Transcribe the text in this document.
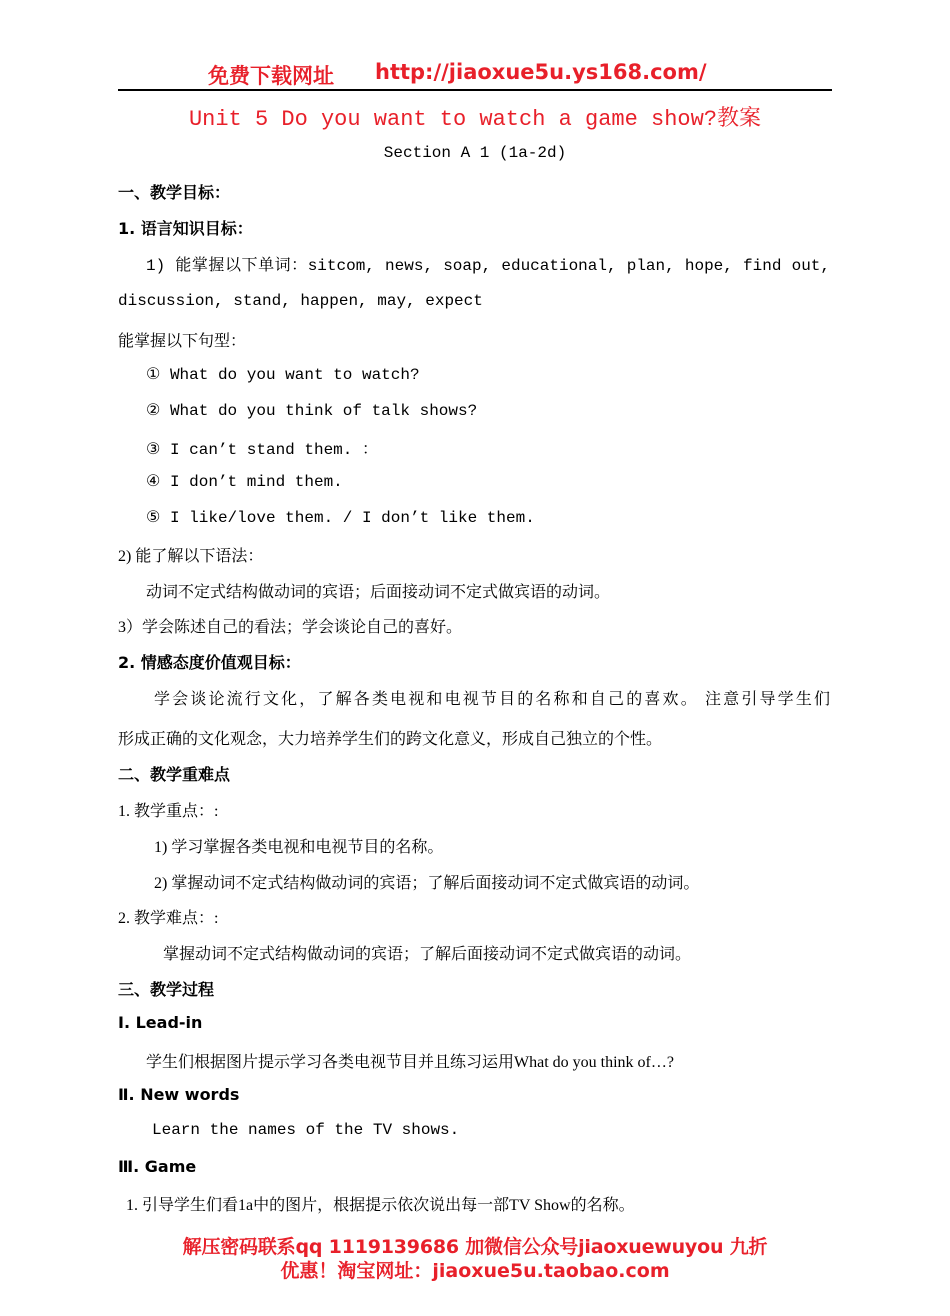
免费下载网址 http://jiaoxue5u.ys168.com/
Unit 5 Do you want to watch a game show?教案
Section A 1 (1a-2d)
一、教学目标：
1. 语言知识目标：
1) 能掌握以下单词：sitcom, news, soap, educational, plan, hope, find out,
discussion, stand, happen, may, expect
能掌握以下句型：
① What do you want to watch?
② What do you think of talk shows?
③ I can’t stand them. ：
④ I don’t mind them.
⑤ I like/love them. / I don’t like them.
2) 能了解以下语法：
动词不定式结构做动词的宾语；后面接动词不定式做宾语的动词。
3）学会陈述自己的看法；学会谈论自己的喜好。
2. 情感态度价值观目标：
学会谈论流行文化，了解各类电视和电视节目的名称和自己的喜欢。 注意引导学生们
形成正确的文化观念，大力培养学生们的跨文化意义，形成自己独立的个性。
二、教学重难点
1. 教学重点：:
1) 学习掌握各类电视和电视节目的名称。
2) 掌握动词不定式结构做动词的宾语；了解后面接动词不定式做宾语的动词。
2. 教学难点：:
掌握动词不定式结构做动词的宾语；了解后面接动词不定式做宾语的动词。
三、教学过程
Ⅰ. Lead-in
学生们根据图片提示学习各类电视节目并且练习运用What do you think of…?
Ⅱ. New words
Learn the names of the TV shows.
Ⅲ. Game
1. 引导学生们看1a中的图片，根据提示依次说出每一部TV Show的名称。
解压密码联系qq 1119139686 加微信公众号jiaoxuewuyou 九折
优惠！淘宝网址：jiaoxue5u.taobao.com
